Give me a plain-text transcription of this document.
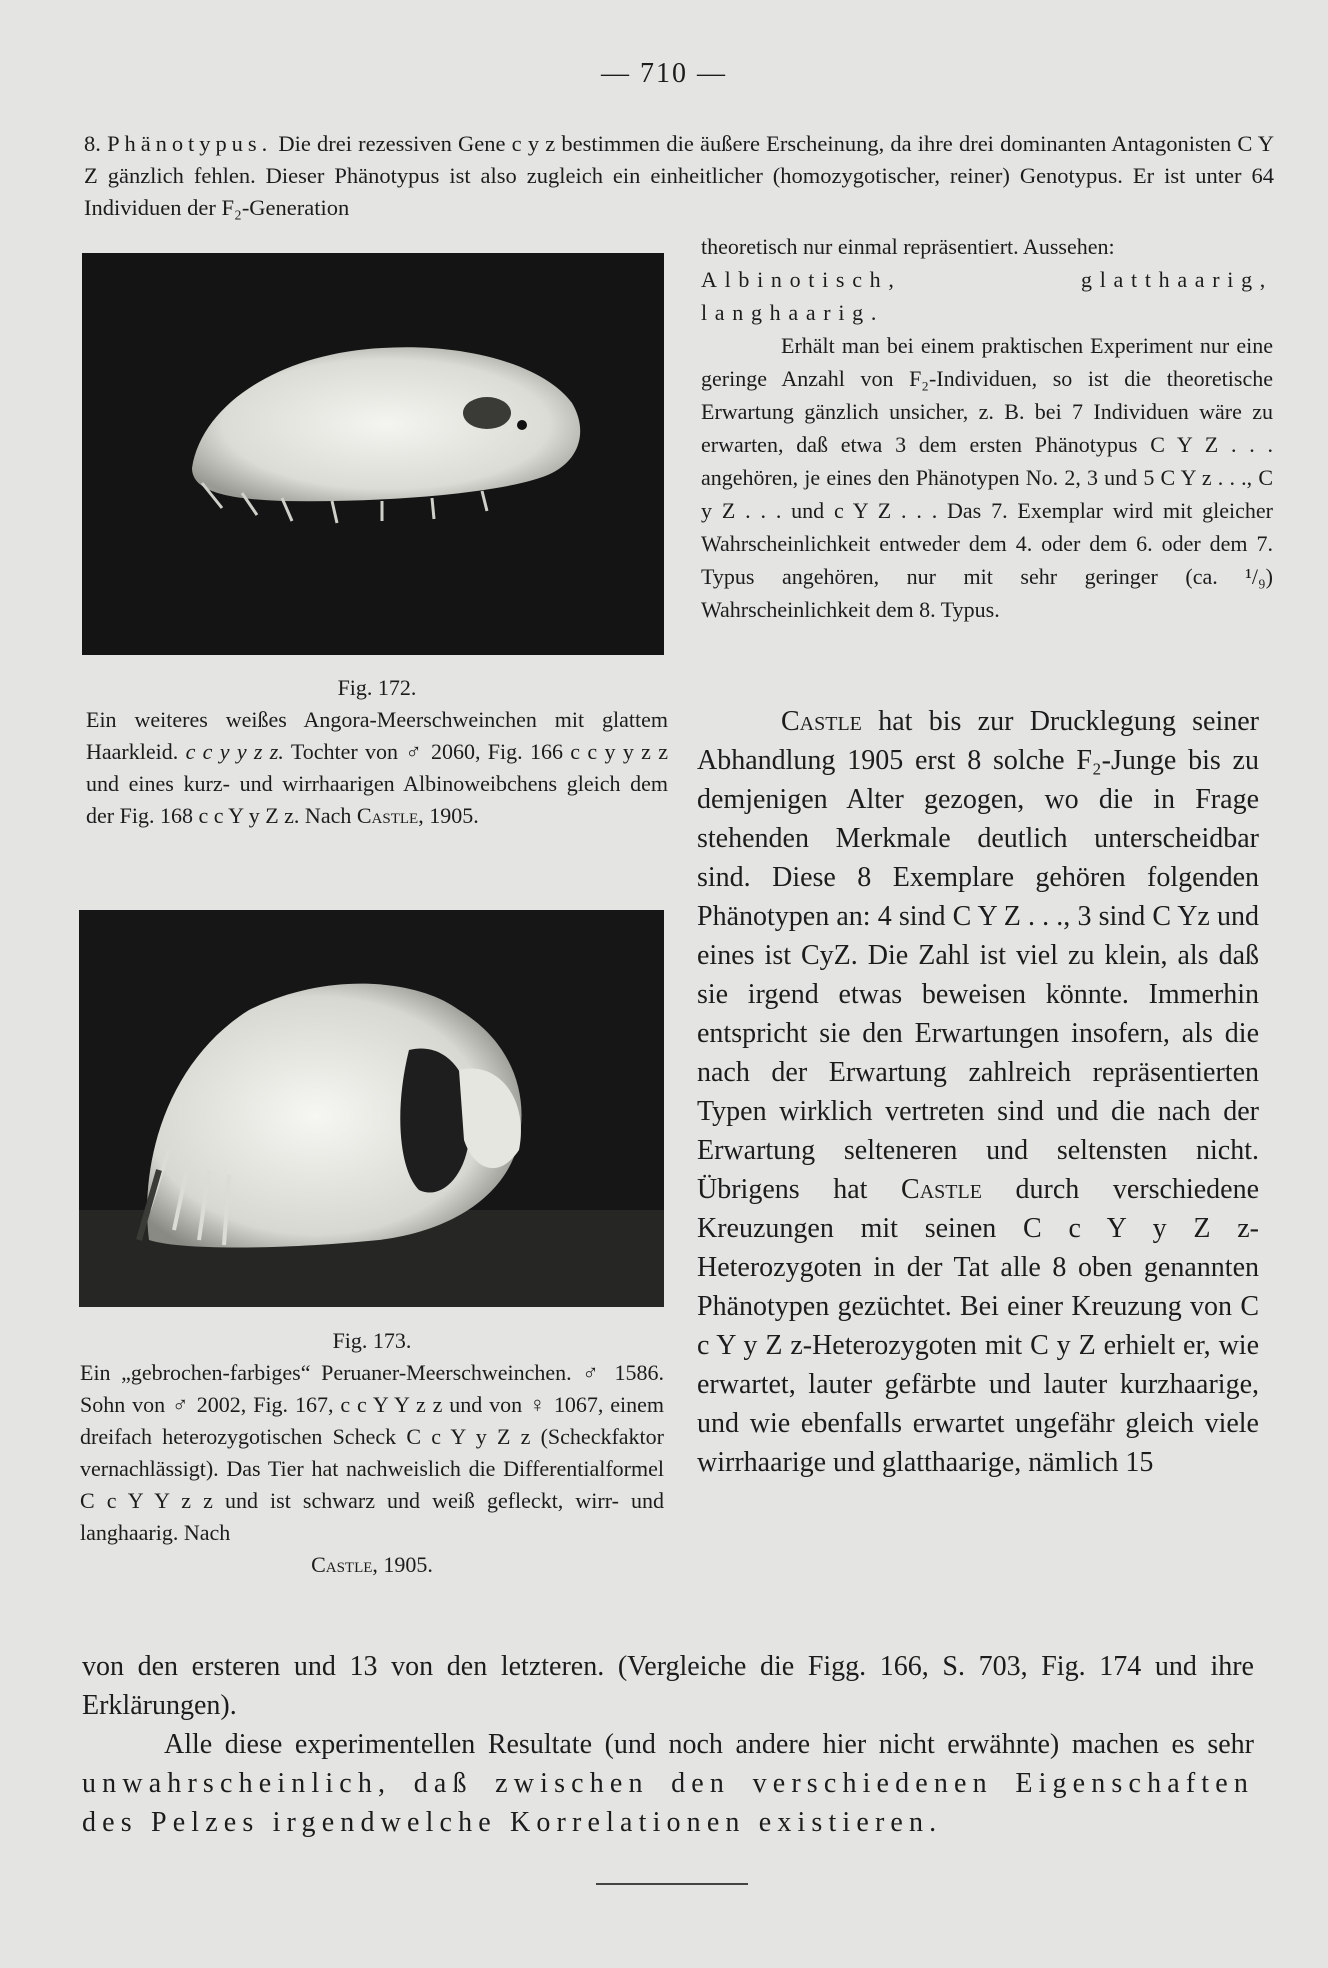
— 710 —

8. Phänotypus. Die drei rezessiven Gene c y z bestimmen die äußere Erscheinung, da ihre drei dominanten Antagonisten C Y Z gänzlich fehlen. Dieser Phänotypus ist also zugleich ein einheitlicher (homozygotischer, reiner) Genotypus. Er ist unter 64 Individuen der F₂-Generation

Fig. 172.
Ein weiteres weißes Angora-Meerschweinchen mit glattem Haarkleid. c c y y z z. Tochter von ♂ 2060, Fig. 166 c c y y z z und eines kurz- und wirrhaarigen Albinoweibchens gleich dem der Fig. 168 c c Y y Z z. Nach Castle, 1905.
Fig. 173.
Ein „gebrochen-farbiges“ Peruaner-Meerschweinchen. ♂ 1586. Sohn von ♂ 2002, Fig. 167, c c Y Y z z und von ♀ 1067, einem dreifach heterozygotischen Scheck C c Y y Z z (Scheckfaktor vernachlässigt). Das Tier hat nachweislich die Differentialformel C c Y Y z z und ist schwarz und weiß gefleckt, wirr- und langhaarig. Nach
Castle, 1905.

theoretisch nur einmal repräsentiert. Aussehen:

Albinotisch, glatthaarig, langhaarig.

Erhält man bei einem praktischen Experiment nur eine geringe Anzahl von F₂-Individuen, so ist die theoretische Erwartung gänzlich unsicher, z. B. bei 7 Individuen wäre zu erwarten, daß etwa 3 dem ersten Phänotypus C Y Z . . . angehören, je eines den Phänotypen No. 2, 3 und 5 C Y z . . ., C y Z . . . und c Y Z . . . Das 7. Exemplar wird mit gleicher Wahrscheinlichkeit entweder dem 4. oder dem 6. oder dem 7. Typus angehören, nur mit sehr geringer (ca. ¹/₉) Wahrscheinlichkeit dem 8. Typus.

Castle hat bis zur Drucklegung seiner Abhandlung 1905 erst 8 solche F₂-Junge bis zu demjenigen Alter gezogen, wo die in Frage stehenden Merkmale deutlich unterscheidbar sind. Diese 8 Exemplare gehören folgenden Phänotypen an: 4 sind C Y Z . . ., 3 sind C Yz und eines ist CyZ. Die Zahl ist viel zu klein, als daß sie irgend etwas beweisen könnte. Immerhin entspricht sie den Erwartungen insofern, als die nach der Erwartung zahlreich repräsentierten Typen wirklich vertreten sind und die nach der Erwartung selteneren und seltensten nicht. Übrigens hat Castle durch verschiedene Kreuzungen mit seinen C c Y y Z z-Heterozygoten in der Tat alle 8 oben genannten Phänotypen gezüchtet. Bei einer Kreuzung von C c Y y Z z-Heterozygoten mit C y Z erhielt er, wie erwartet, lauter gefärbte und lauter kurzhaarige, und wie ebenfalls erwartet ungefähr gleich viele wirrhaarige und glatthaarige, nämlich 15

von den ersteren und 13 von den letzteren. (Vergleiche die Figg. 166, S. 703, Fig. 174 und ihre Erklärungen).

Alle diese experimentellen Resultate (und noch andere hier nicht erwähnte) machen es sehr unwahrscheinlich, daß zwischen den verschiedenen Eigenschaften des Pelzes irgendwelche Korrelationen existieren.
